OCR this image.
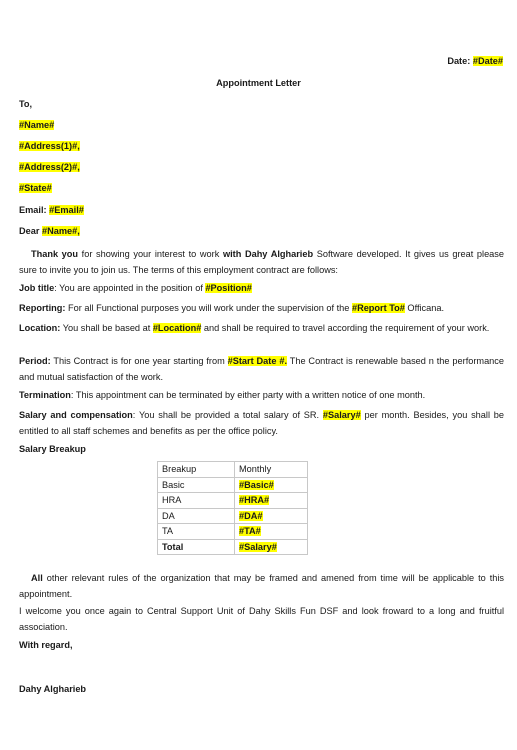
Date: #Date#
Appointment Letter
To,
#Name#
#Address(1)#,
#Address(2)#,
#State#
Email: #Email#
Dear #Name#,
Thank you for showing your interest to work with Dahy Algharieb Software developed. It gives us great please sure to invite you to join us. The terms of this employment contract are follows:
Job title: You are appointed in the position of #Position#
Reporting: For all Functional purposes you will work under the supervision of the #Report To# Officana.
Location: You shall be based at #Location# and shall be required to travel according the requirement of your work.
Period: This Contract is for one year starting from #Start Date #. The Contract is renewable based n the performance and mutual satisfaction of the work.
Termination: This appointment can be terminated by either party with a written notice of one month.
Salary and compensation: You shall be provided a total salary of SR. #Salary# per month. Besides, you shall be entitled to all staff schemes and benefits as per the office policy.
Salary Breakup
Breakup	Monthly
Basic	#Basic#
HRA	#HRA#
DA	#DA#
TA	#TA#
Total	#Salary#
All other relevant rules of the organization that may be framed and amened from time will be applicable to this appointment.
I welcome you once again to Central Support Unit of Dahy Skills Fun DSF and look froward to a long and fruitful association.
With regard,
Dahy Algharieb
